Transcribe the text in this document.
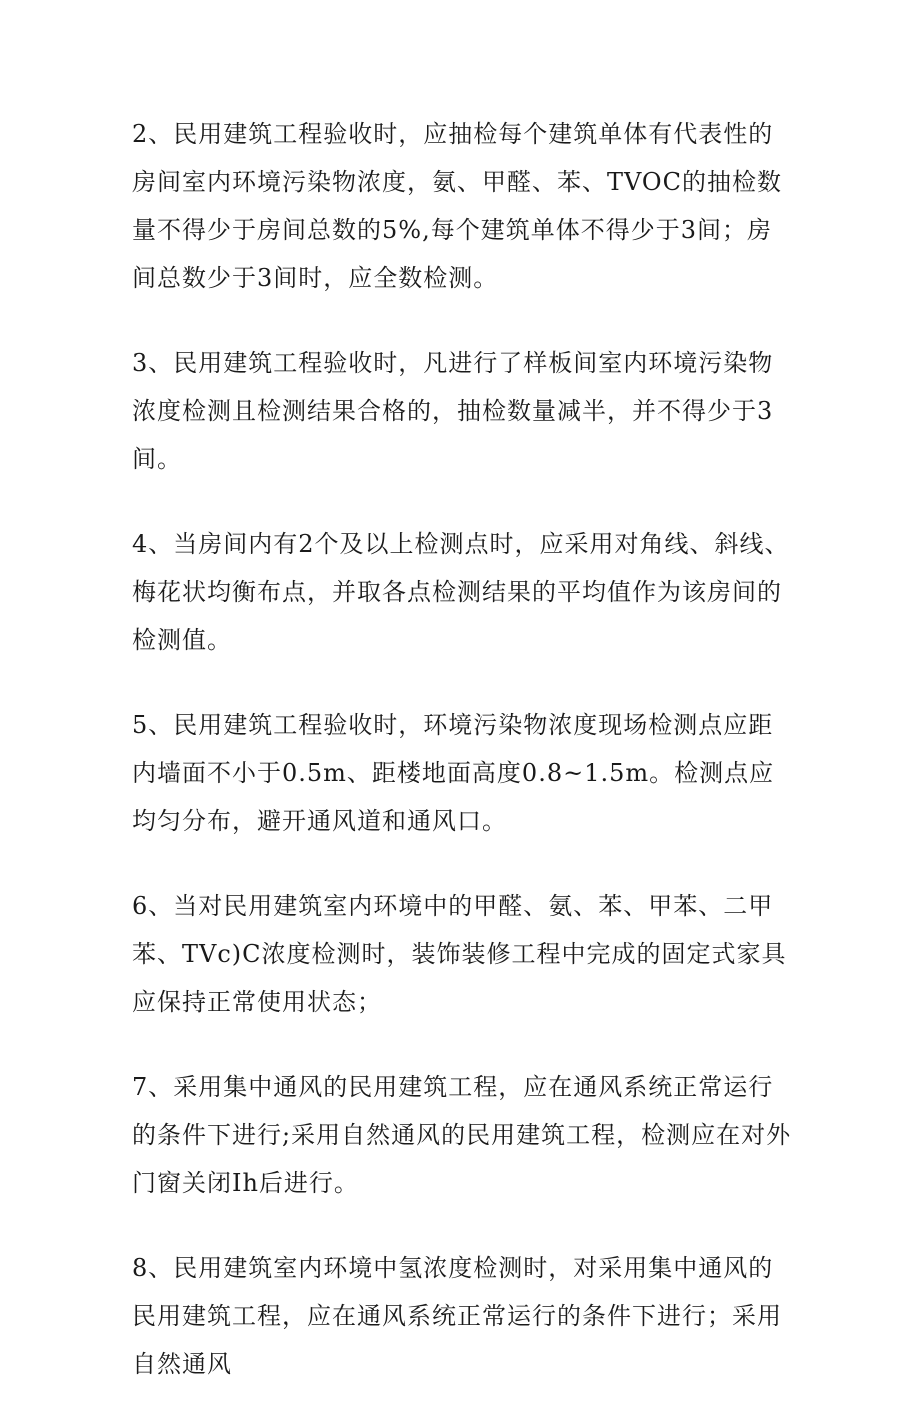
2、民用建筑工程验收时，应抽检每个建筑单体有代表性的房间室内环境污染物浓度，氨、甲醛、苯、TVOC的抽检数量不得少于房间总数的5%,每个建筑单体不得少于3间；房间总数少于3间时，应全数检测。

3、民用建筑工程验收时，凡进行了样板间室内环境污染物浓度检测且检测结果合格的，抽检数量减半，并不得少于3间。

4、当房间内有2个及以上检测点时，应采用对角线、斜线、梅花状均衡布点，并取各点检测结果的平均值作为该房间的检测值。

5、民用建筑工程验收时，环境污染物浓度现场检测点应距内墙面不小于0.5m、距楼地面高度0.8~1.5m。检测点应均匀分布，避开通风道和通风口。

6、当对民用建筑室内环境中的甲醛、氨、苯、甲苯、二甲苯、TVc)C浓度检测时，装饰装修工程中完成的固定式家具应保持正常使用状态；

7、采用集中通风的民用建筑工程，应在通风系统正常运行的条件下进行;采用自然通风的民用建筑工程，检测应在对外门窗关闭Ih后进行。

8、民用建筑室内环境中氢浓度检测时，对采用集中通风的民用建筑工程，应在通风系统正常运行的条件下进行；采用自然通风
